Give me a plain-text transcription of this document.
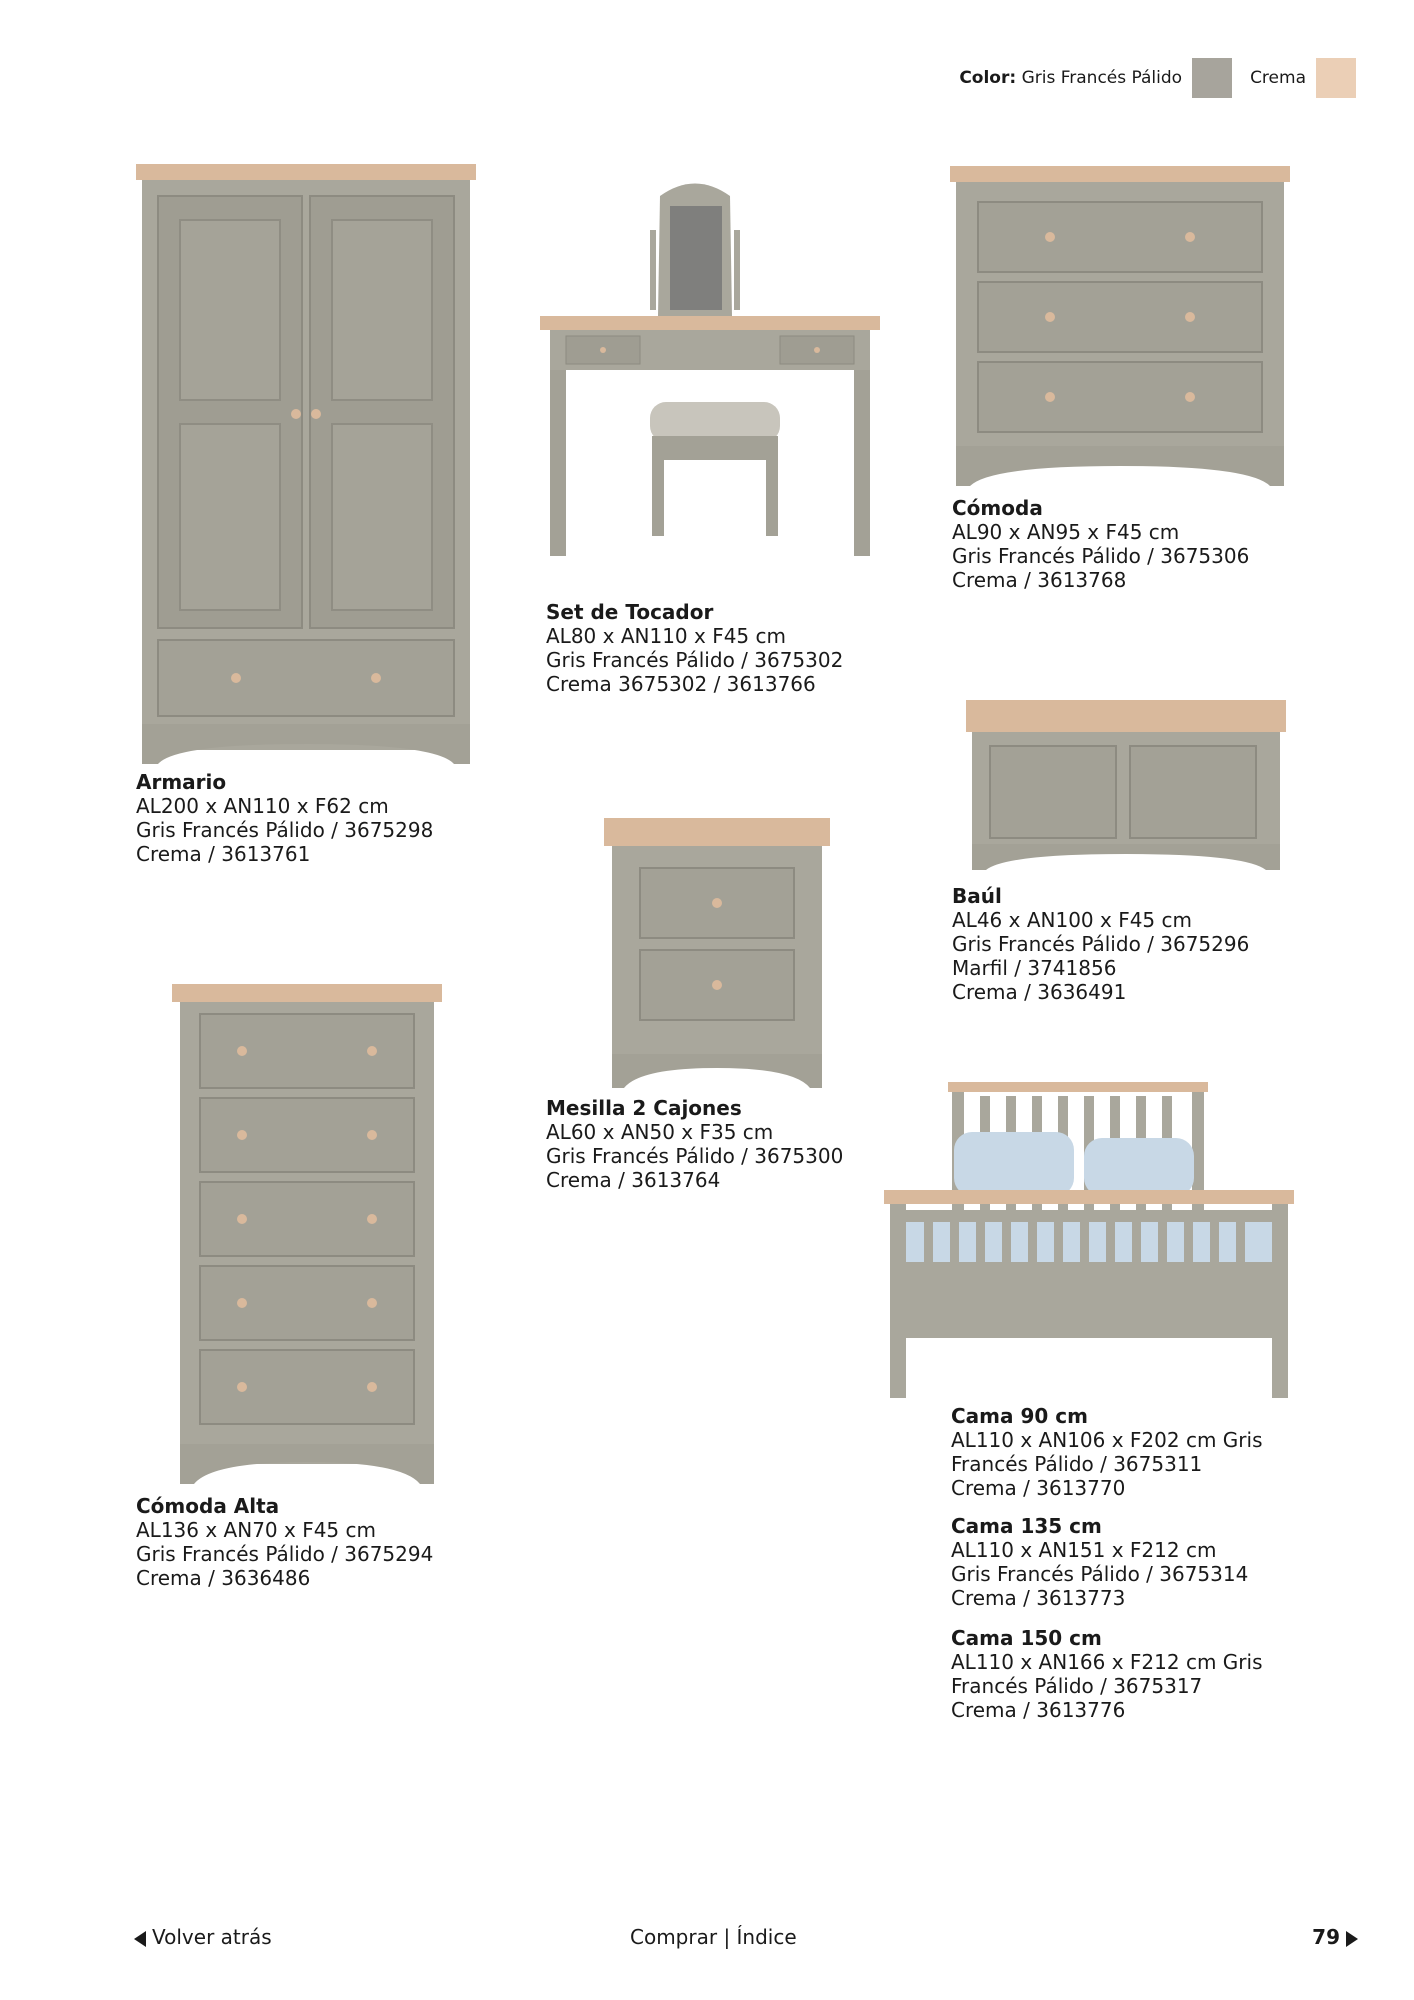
Color:
Gris Francés Pálido	Crema
Armario
AL200 x AN110 x F62 cm
Gris Francés Pálido / 3675298
Crema / 3613761
Set de Tocador
AL80 x AN110 x F45 cm
Gris Francés Pálido / 3675302
Crema 3675302 / 3613766
Cómoda
AL90 x AN95 x F45 cm
Gris Francés Pálido / 3675306
Crema / 3613768
Baúl
AL46 x AN100 x F45 cm
Gris Francés Pálido / 3675296
Marfil / 3741856
Crema / 3636491
Mesilla 2 Cajones
AL60 x AN50 x F35 cm
Gris Francés Pálido / 3675300
Crema / 3613764
Cómoda Alta
AL136 x AN70 x F45 cm
Gris Francés Pálido / 3675294
Crema / 3636486
Cama 90 cm
AL110 x AN106 x F202 cm Gris
Francés Pálido / 3675311
Crema / 3613770
Cama 135 cm
AL110 x AN151 x F212 cm
Gris Francés Pálido / 3675314
Crema / 3613773
Cama 150 cm
AL110 x AN166 x F212 cm Gris
Francés Pálido / 3675317
Crema / 3613776
Volver atrás	Comprar | Índice	79
